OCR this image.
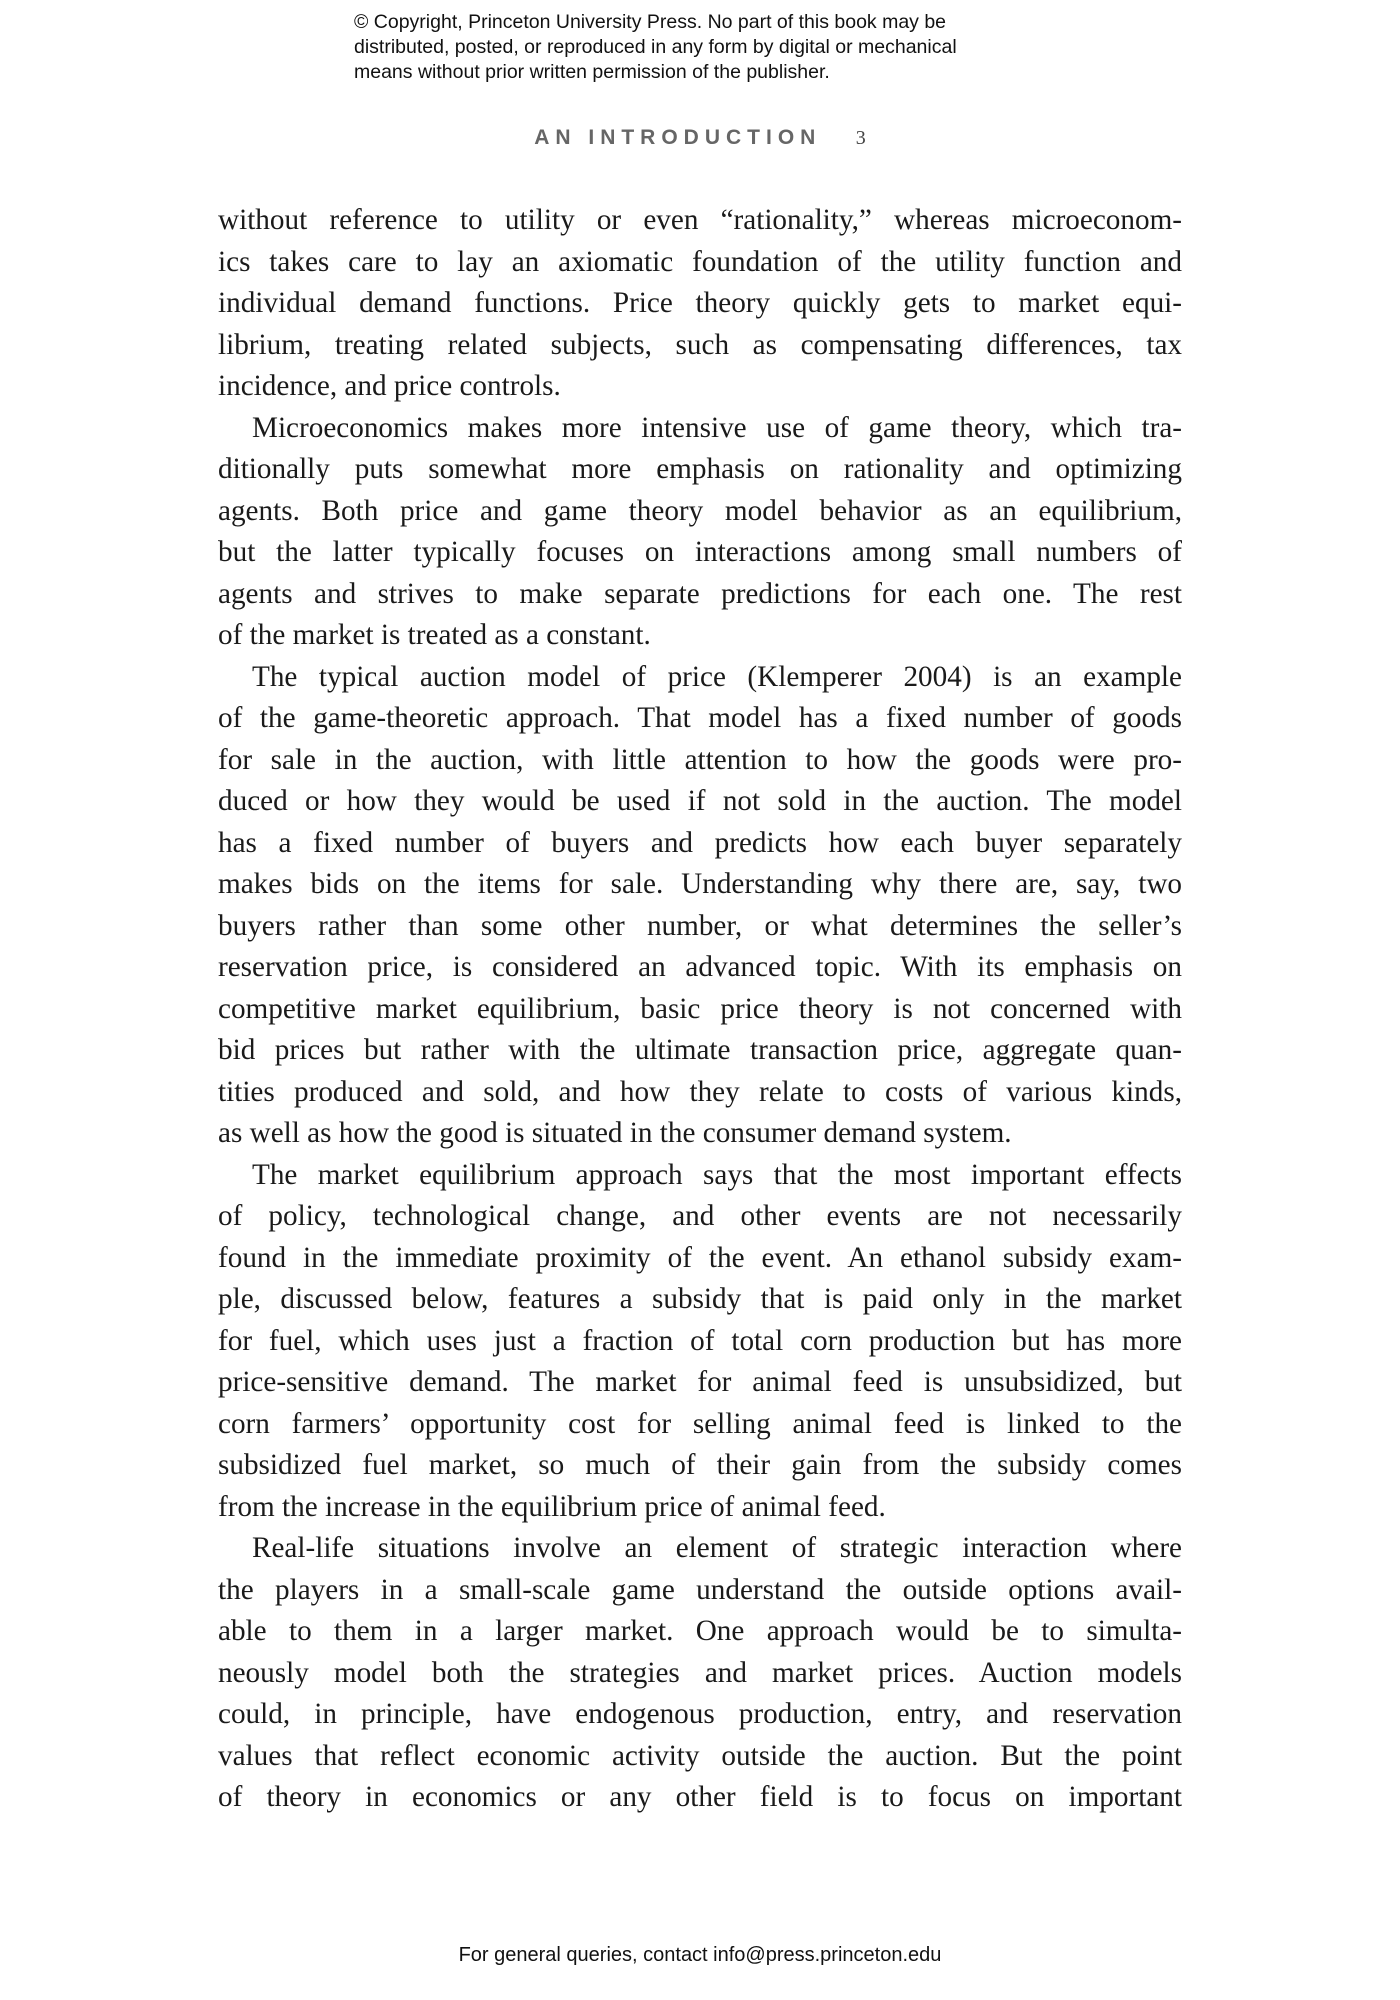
© Copyright, Princeton University Press. No part of this book may be
distributed, posted, or reproduced in any form by digital or mechanical
means without prior written permission of the publisher.
AN INTRODUCTION 3

without reference to utility or even “rationality,” whereas microeconom-
ics takes care to lay an axiomatic foundation of the utility function and
individual demand functions. Price theory quickly gets to market equi-
librium, treating related subjects, such as compensating differences, tax
incidence, and price controls.

Microeconomics makes more intensive use of game theory, which tra-
ditionally puts somewhat more emphasis on rationality and optimizing
agents. Both price and game theory model behavior as an equilibrium,
but the latter typically focuses on interactions among small numbers of
agents and strives to make separate predictions for each one. The rest
of the market is treated as a constant.

The typical auction model of price (Klemperer 2004) is an example
of the game-theoretic approach. That model has a fixed number of goods
for sale in the auction, with little attention to how the goods were pro-
duced or how they would be used if not sold in the auction. The model
has a fixed number of buyers and predicts how each buyer separately
makes bids on the items for sale. Understanding why there are, say, two
buyers rather than some other number, or what determines the seller’s
reservation price, is considered an advanced topic. With its emphasis on
competitive market equilibrium, basic price theory is not concerned with
bid prices but rather with the ultimate transaction price, aggregate quan-
tities produced and sold, and how they relate to costs of various kinds,
as well as how the good is situated in the consumer demand system.

The market equilibrium approach says that the most important effects
of policy, technological change, and other events are not necessarily
found in the immediate proximity of the event. An ethanol subsidy exam-
ple, discussed below, features a subsidy that is paid only in the market
for fuel, which uses just a fraction of total corn production but has more
price-sensitive demand. The market for animal feed is unsubsidized, but
corn farmers’ opportunity cost for selling animal feed is linked to the
subsidized fuel market, so much of their gain from the subsidy comes
from the increase in the equilibrium price of animal feed.

Real-life situations involve an element of strategic interaction where
the players in a small-scale game understand the outside options avail-
able to them in a larger market. One approach would be to simulta-
neously model both the strategies and market prices. Auction models
could, in principle, have endogenous production, entry, and reservation
values that reflect economic activity outside the auction. But the point
of theory in economics or any other field is to focus on important

For general queries, contact info@press.princeton.edu
